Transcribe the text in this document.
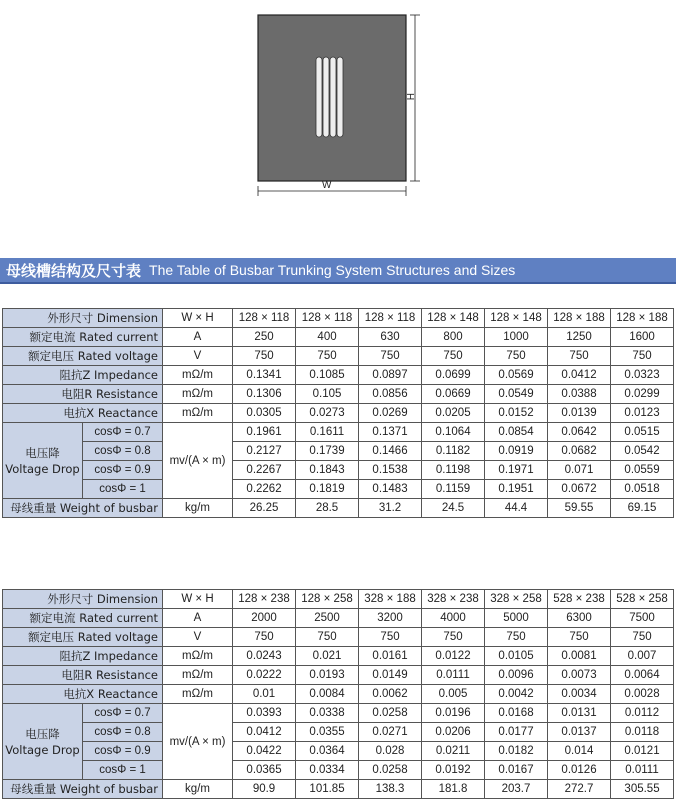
H
W
母线槽结构及尺寸表 The Table of Busbar Trunking System Structures and Sizes
外形尺寸 Dimension		W × H	128 × 118	128 × 118	128 × 118	128 × 148	128 × 148	128 × 188	128 × 188
额定电流 Rated current		A	250	400	630	800	1000	1250	1600
额定电压 Rated voltage		V	750	750	750	750	750	750	750
阻抗Z Impedance		mΩ/m	0.1341	0.1085	0.0897	0.0699	0.0569	0.0412	0.0323
电阻R Resistance		mΩ/m	0.1306	0.105	0.0856	0.0669	0.0549	0.0388	0.0299
电抗X Reactance		mΩ/m	0.0305	0.0273	0.0269	0.0205	0.0152	0.0139	0.0123

电压降
Voltage Drop	cosΦ = 0.7	mv/(A × m)	0.1961	0.1611	0.1371	0.1064	0.0854	0.0642	0.0515
	cosΦ = 0.8		0.2127	0.1739	0.1466	0.1182	0.0919	0.0682	0.0542
	cosΦ = 0.9		0.2267	0.1843	0.1538	0.1198	0.1971	0.071	0.0559
	cosΦ = 1		0.2262	0.1819	0.1483	0.1159	0.1951	0.0672	0.0518
母线重量 Weight of busbar		kg/m	26.25	28.5	31.2	24.5	44.4	59.55	69.15
外形尺寸 Dimension		W × H	128 × 238	128 × 258	328 × 188	328 × 238	328 × 258	528 × 238	528 × 258
额定电流 Rated current		A	2000	2500	3200	4000	5000	6300	7500
额定电压 Rated voltage		V	750	750	750	750	750	750	750
阻抗Z Impedance		mΩ/m	0.0243	0.021	0.0161	0.0122	0.0105	0.0081	0.007
电阻R Resistance		mΩ/m	0.0222	0.0193	0.0149	0.0111	0.0096	0.0073	0.0064
电抗X Reactance		mΩ/m	0.01	0.0084	0.0062	0.005	0.0042	0.0034	0.0028

电压降
Voltage Drop	cosΦ = 0.7	mv/(A × m)	0.0393	0.0338	0.0258	0.0196	0.0168	0.0131	0.0112
	cosΦ = 0.8		0.0412	0.0355	0.0271	0.0206	0.0177	0.0137	0.0118
	cosΦ = 0.9		0.0422	0.0364	0.028	0.0211	0.0182	0.014	0.0121
	cosΦ = 1		0.0365	0.0334	0.0258	0.0192	0.0167	0.0126	0.0111
母线重量 Weight of busbar		kg/m	90.9	101.85	138.3	181.8	203.7	272.7	305.55
